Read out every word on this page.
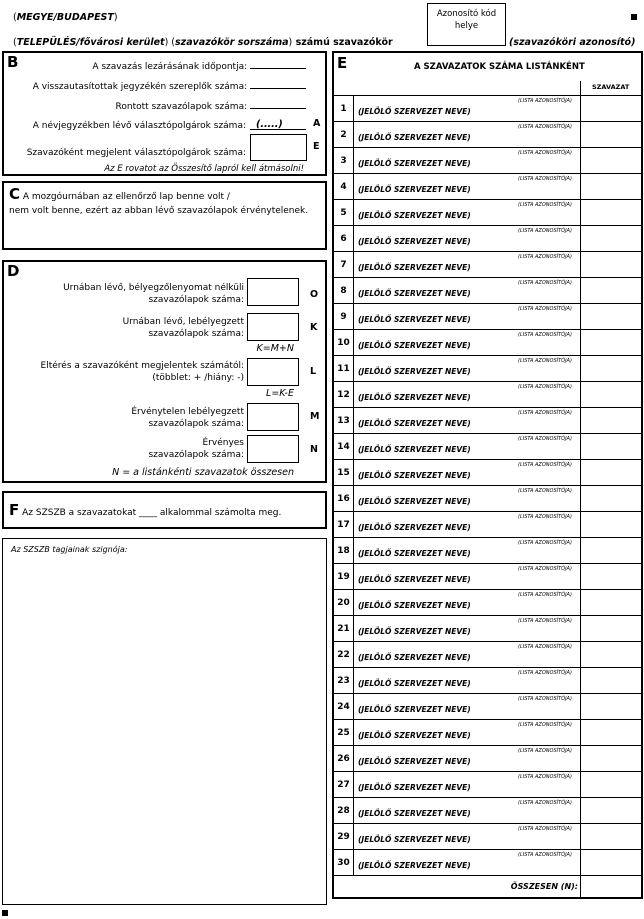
(MEGYE/BUDAPEST)
(TELEPÜLÉS/fővárosi kerület) (szavazókör sorszáma) számú szavazókör	(szavazóköri azonosító)
Azonosító kód
helye
B	A szavazás lezárásának időpontja:
A visszautasítottak jegyzékén szereplők száma:
Rontott szavazólapok száma:
A névjegyzékben lévő választópolgárok száma: (.....)	A
Szavazóként megjelent választópolgárok száma:
E
Az E rovatot az Összesítő lapról kell átmásolni!
C A mozgóurnában az ellenőrző lap benne volt /
nem volt benne, ezért az abban lévő szavazólapok érvénytelenek.
D
Urnában lévő, bélyegzőlenyomat nélküli
szavazólapok száma:	O
Urnában lévő, lebélyegzett
szavazólapok száma:
K
K=M+N
Eltérés a szavazóként megjelentek számától:
(többlet: + /hiány: -)
L
L=K-E
Érvénytelen lebélyegzett
szavazólapok száma:
M
Érvényes
szavazólapok száma:	N
N = a listánkénti szavazatok összesen
F Az SZSZB a szavazatokat ____ alkalommal számolta meg.
Az SZSZB tagjainak szignója:
E	A SZAVAZATOK SZÁMA LISTÁNKÉNT
SZAVAZAT
1	(JELÖLŐ SZERVEZET NEVE)
(LISTA AZONOSÍTÓJA)
2	(JELÖLŐ SZERVEZET NEVE)
(LISTA AZONOSÍTÓJA)
3	(JELÖLŐ SZERVEZET NEVE)
(LISTA AZONOSÍTÓJA)
4	(JELÖLŐ SZERVEZET NEVE)
(LISTA AZONOSÍTÓJA)
5	(JELÖLŐ SZERVEZET NEVE)
(LISTA AZONOSÍTÓJA)
6	(JELÖLŐ SZERVEZET NEVE)
(LISTA AZONOSÍTÓJA)
7	(JELÖLŐ SZERVEZET NEVE)
(LISTA AZONOSÍTÓJA)
8	(JELÖLŐ SZERVEZET NEVE)
(LISTA AZONOSÍTÓJA)
9	(JELÖLŐ SZERVEZET NEVE)
(LISTA AZONOSÍTÓJA)
10	(JELÖLŐ SZERVEZET NEVE)
(LISTA AZONOSÍTÓJA)
11	(JELÖLŐ SZERVEZET NEVE)
(LISTA AZONOSÍTÓJA)
12	(JELÖLŐ SZERVEZET NEVE)
(LISTA AZONOSÍTÓJA)
13	(JELÖLŐ SZERVEZET NEVE)
(LISTA AZONOSÍTÓJA)
14	(JELÖLŐ SZERVEZET NEVE)
(LISTA AZONOSÍTÓJA)
15	(JELÖLŐ SZERVEZET NEVE)
(LISTA AZONOSÍTÓJA)
16	(JELÖLŐ SZERVEZET NEVE)
(LISTA AZONOSÍTÓJA)
17	(JELÖLŐ SZERVEZET NEVE)
(LISTA AZONOSÍTÓJA)
18	(JELÖLŐ SZERVEZET NEVE)
(LISTA AZONOSÍTÓJA)
19	(JELÖLŐ SZERVEZET NEVE)
(LISTA AZONOSÍTÓJA)
20	(JELÖLŐ SZERVEZET NEVE)
(LISTA AZONOSÍTÓJA)
21	(JELÖLŐ SZERVEZET NEVE)
(LISTA AZONOSÍTÓJA)
22	(JELÖLŐ SZERVEZET NEVE)
(LISTA AZONOSÍTÓJA)
23	(JELÖLŐ SZERVEZET NEVE)
(LISTA AZONOSÍTÓJA)
24	(JELÖLŐ SZERVEZET NEVE)
(LISTA AZONOSÍTÓJA)
25	(JELÖLŐ SZERVEZET NEVE)
(LISTA AZONOSÍTÓJA)
26	(JELÖLŐ SZERVEZET NEVE)
(LISTA AZONOSÍTÓJA)
27	(JELÖLŐ SZERVEZET NEVE)
(LISTA AZONOSÍTÓJA)
28	(JELÖLŐ SZERVEZET NEVE)
(LISTA AZONOSÍTÓJA)
29	(JELÖLŐ SZERVEZET NEVE)
(LISTA AZONOSÍTÓJA)
30	(JELÖLŐ SZERVEZET NEVE)
(LISTA AZONOSÍTÓJA)
ÖSSZESEN (N):
